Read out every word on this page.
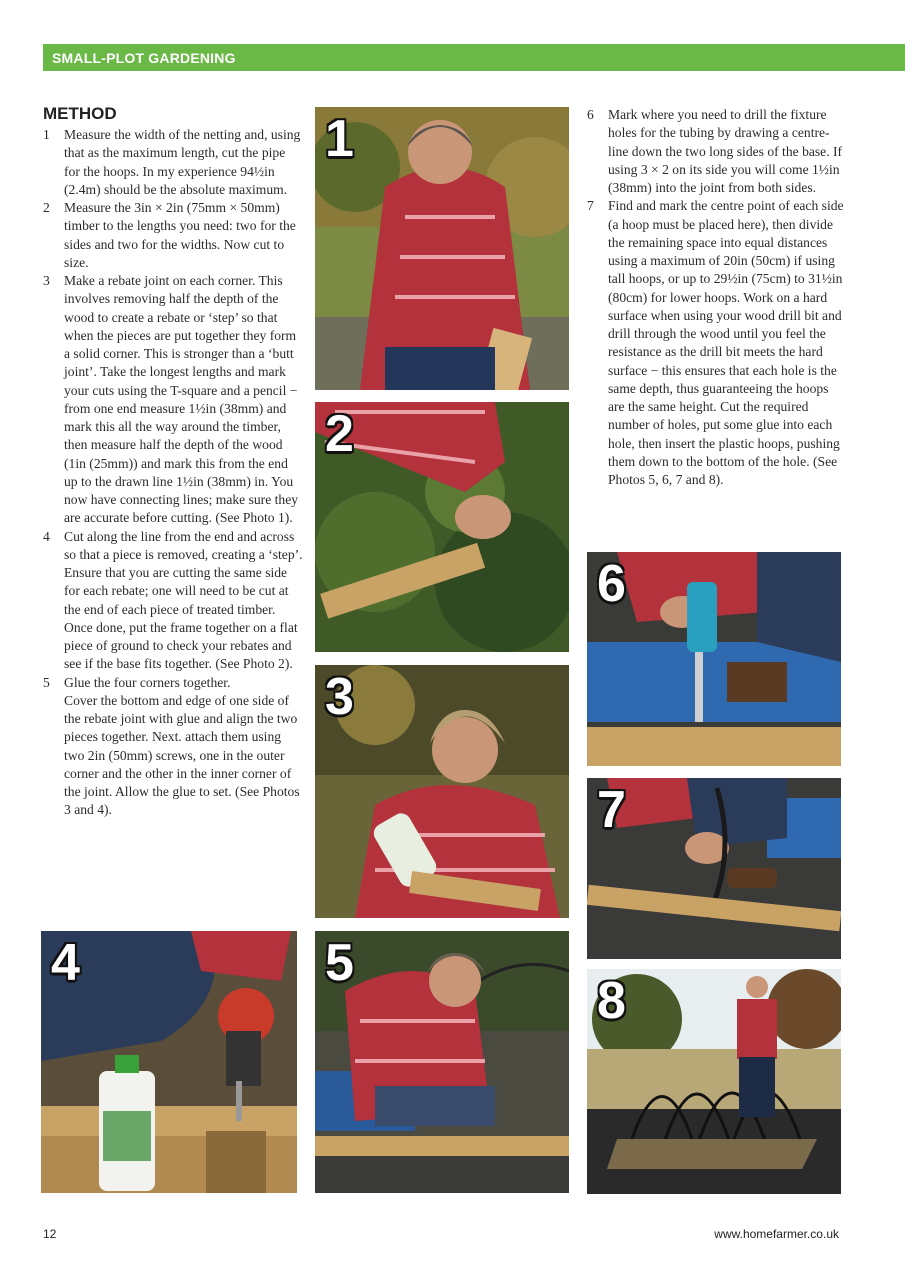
SMALL-PLOT GARDENING
METHOD
1 Measure the width of the netting and, using that as the maximum length, cut the pipe for the hoops. In my experience 94½in (2.4m) should be the absolute maximum.

2 Measure the 3in × 2in (75mm × 50mm) timber to the lengths you need: two for the sides and two for the widths. Now cut to size.

3 Make a rebate joint on each corner. This involves removing half the depth of the wood to create a rebate or ‘step’ so that when the pieces are put together they form a solid corner. This is stronger than a ‘butt joint’. Take the longest lengths and mark your cuts using the T-square and a pencil − from one end measure 1½in (38mm) and mark this all the way around the timber, then measure half the depth of the wood (1in (25mm)) and mark this from the end up to the drawn line 1½in (38mm) in. You now have connecting lines; make sure they are accurate before cutting. (See Photo 1).

4 Cut along the line from the end and across so that a piece is removed, creating a ‘step’. Ensure that you are cutting the same side for each rebate; one will need to be cut at the end of each piece of treated timber.

Once done, put the frame together on a flat piece of ground to check your rebates and see if the base fits together. (See Photo 2).

5 Glue the four corners together.

Cover the bottom and edge of one side of the rebate joint with glue and align the two pieces together. Next. attach them using two 2in (50mm) screws, one in the outer corner and the other in the inner corner of the joint. Allow the glue to set. (See Photos 3 and 4).

6 Mark where you need to drill the fixture holes for the tubing by drawing a centre-line down the two long sides of the base. If using 3 × 2 on its side you will come 1½in (38mm) into the joint from both sides.

7 Find and mark the centre point of each side (a hoop must be placed here), then divide the remaining space into equal distances using a maximum of 20in (50cm) if using tall hoops, or up to 29½in (75cm) to 31½in (80cm) for lower hoops. Work on a hard surface when using your wood drill bit and drill through the wood until you feel the resistance as the drill bit meets the hard surface − this ensures that each hole is the same depth, thus guaranteeing the hoops are the same height. Cut the required number of holes, put some glue into each hole, then insert the plastic hoops, pushing them down to the bottom of the hole. (See Photos 5, 6, 7 and 8).

1
2
3
4	5
6
7
8
12	www.homefarmer.co.uk
